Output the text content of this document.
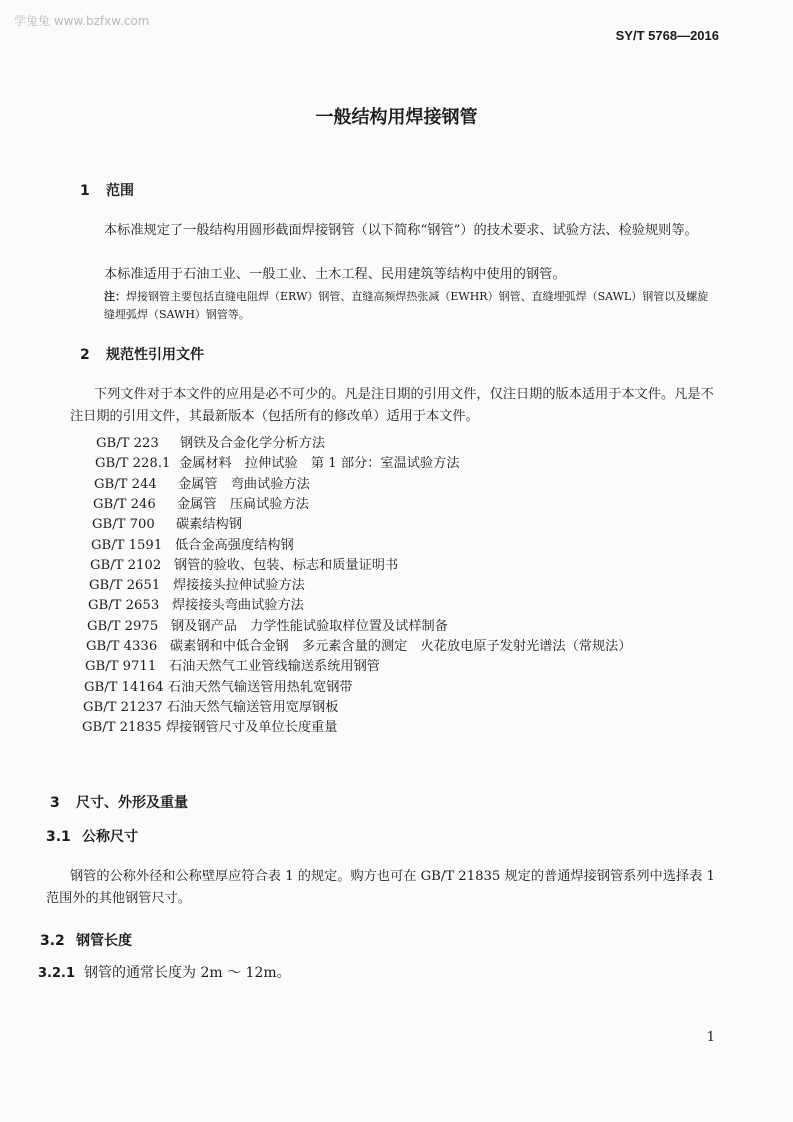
学兔兔 www.bzfxw.com
SY/T 5768—2016
一般结构用焊接钢管
1 范围
本标准规定了一般结构用圆形截面焊接钢管（以下简称“钢管”）的技术要求、试验方法、检验规则等。
本标准适用于石油工业、一般工业、土木工程、民用建筑等结构中使用的钢管。
注：焊接钢管主要包括直缝电阻焊（ERW）钢管、直缝高频焊热张减（EWHR）钢管、直缝埋弧焊（SAWL）钢管以及螺旋缝埋弧焊（SAWH）钢管等。
2 规范性引用文件
下列文件对于本文件的应用是必不可少的。凡是注日期的引用文件，仅注日期的版本适用于本文件。凡是不注日期的引用文件，其最新版本（包括所有的修改单）适用于本文件。
GB/T 223 钢铁及合金化学分析方法
GB/T 228.1 金属材料　拉伸试验　第 1 部分：室温试验方法
GB/T 244 金属管　弯曲试验方法
GB/T 246 金属管　压扁试验方法
GB/T 700 碳素结构钢
GB/T 1591 低合金高强度结构钢
GB/T 2102 钢管的验收、包装、标志和质量证明书
GB/T 2651 焊接接头拉伸试验方法
GB/T 2653 焊接接头弯曲试验方法
GB/T 2975 钢及钢产品　力学性能试验取样位置及试样制备
GB/T 4336 碳素钢和中低合金钢　多元素含量的测定　火花放电原子发射光谱法（常规法）
GB/T 9711 石油天然气工业管线输送系统用钢管
GB/T 14164 石油天然气输送管用热轧宽钢带
GB/T 21237 石油天然气输送管用宽厚钢板
GB/T 21835 焊接钢管尺寸及单位长度重量
3 尺寸、外形及重量
3.1 公称尺寸
钢管的公称外径和公称壁厚应符合表 1 的规定。购方也可在 GB/T 21835 规定的普通焊接钢管系列中选择表 1 范围外的其他钢管尺寸。
3.2 钢管长度
3.2.1 钢管的通常长度为 2m ～ 12m。
1
